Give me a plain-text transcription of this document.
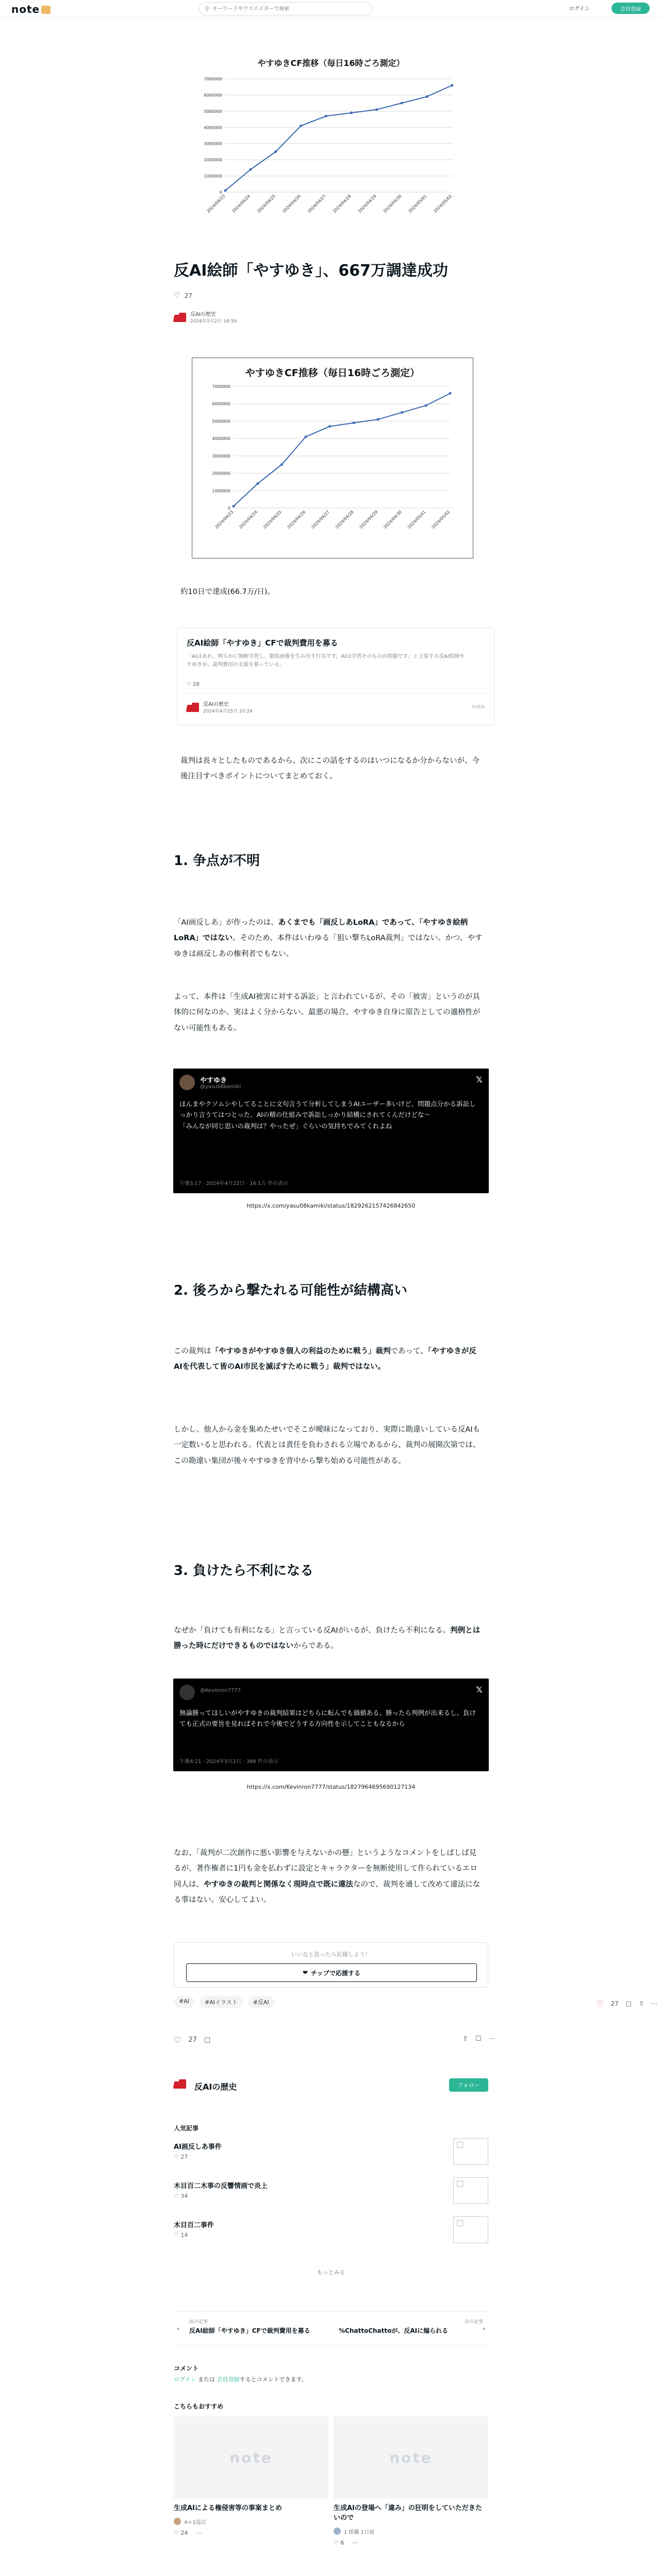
note	⚲
キーワードやクリエイターで検索	ログイン	会員登録
やすゆきCF推移（毎日16時ごろ測定）
0
1000000
2000000
3000000
4000000
5000000
6000000
7000000
2024/04/23 2024/04/24 2024/04/25 2024/04/26 2024/04/27 2024/04/28 2024/04/29 2024/04/30 2024/05/01 2024/05/02
反AI絵師「やすゆき」、667万調達成功
♡ 27
反AIの歴史
2024年5月2日 16:59
やすゆきCF推移（毎日16時ごろ測定）
0
1000000
2000000
3000000
4000000
5000000
6000000
7000000
2024/04/23 2024/04/24 2024/04/25 2024/04/26 2024/04/27 2024/04/28 2024/04/29 2024/04/30 2024/05/01 2024/05/02
約10日で達成(66.7万/日)。
反AI絵師「やすゆき」CFで裁判費用を募る
「AIはあれ、明らかに無断学習し、類似画像を生み出す行為です。AIは学習そのものが問題です」と主張する反AI絵師やすゆきが、裁判費用の支援を募っている。
♡ 28
反AIの歴史
2024年4月25日 20:24
note
裁判は長々としたものであるから、次にこの話をするのはいつになるか分からないが、今後注目すべきポイントについてまとめておく。
1. 争点が不明
「AI画反しあ」が作ったのは、あくまでも「画反しあLoRA」であって、「やすゆき絵柄LoRA」ではない。そのため、本件はいわゆる「狙い撃ちLoRA裁判」ではない。かつ、やすゆきは画反しあの権利者でもない。
よって、本件は「生成AI被害に対する訴訟」と言われているが、その「被害」というのが具体的に何なのか、実はよく分からない。最悪の場合、やすゆき自身に原告としての適格性がない可能性もある。
やすゆき
@yasu08kamiki
𝕏
ほんまやクソムシやしてることに文句言うて分析してしまうAIユーザー多いけど、問題点分かる訴訟しっかり言うてはつとった、AIの精の仕組みで訴訟しっかり結構にされてくんだけどな〜
「みんなが同じ思いの裁判は？やったぜ」ぐらいの気持ちでみてくれよね
午後3:17 · 2024年4月22日 · 16.1万 件の表示
https://x.com/yasu08kamiki/status/1829262157426842650
2. 後ろから撃たれる可能性が結構高い
この裁判は「やすゆきがやすゆき個人の利益のために戦う」裁判であって、「やすゆきが反AIを代表して皆のAI市民を滅ぼすために戦う」裁判ではない。
しかし、他人から金を集めたせいでそこが曖昧になっており、実際に勘違いしている反AIも一定数いると思われる。代表とは責任を負わされる立場であるから、裁判の展開次第では、この勘違い集団が後々やすゆきを背中から撃ち始める可能性がある。
3. 負けたら不利になる
なぜか「負けても有利になる」と言っている反AIがいるが、負けたら不利になる。判例とは勝った時にだけできるものではないからである。
@Kevinron7777	𝕏
無論勝ってほしいがやすゆきの裁判結果はどちらに転んでも価値ある、勝ったら判例が出来るし、負けても正式の要旨を見ればそれで今後でどうする方向性を示してこともなるから
午後4:21 · 2024年5月2日 · 386 件の表示
https://x.com/Kevinron7777/status/1827964695690127134
なお、「裁判が二次創作に悪い影響を与えないかの懸」というようなコメントをしばしば見るが、著作権者に1円も金を払わずに設定とキャラクターを無断使用して作られているエロ同人は、やすゆきの裁判と関係なく現時点で既に違法なので、裁判を通して改めて違法になる事はない。安心してよい。
いいなと思ったら応援しよう！
❤ チップで応援する
#AI	#AIイラスト	#反AI	♡ 27 □ ⇧ ⋯
♡ 27 □	⇧ ☐ ⋯
反AIの歴史	フォロー
人気記事
AI画反しあ事件
♡ 27
木目百二木事の反響情画で炎上
♡ 34
木目百二事件
♡ 14
もっとみる
‹
前の記事
反AI絵師「やすゆき」CFで裁判費用を募る
次の記事
%ChattoChattoが、反AIに煽られる	›
コメント
ログイン または 会員登録するとコメントできます。
こちらもおすすめ
note
生成AIによる権侵害等の事案まとめ
4ゃ1巡目
♡ 24 ⋯
note
生成AIの登場へ「違み」の狂明をしていただきたいので
1 紙職 1日前
♡ 6 ⋯
